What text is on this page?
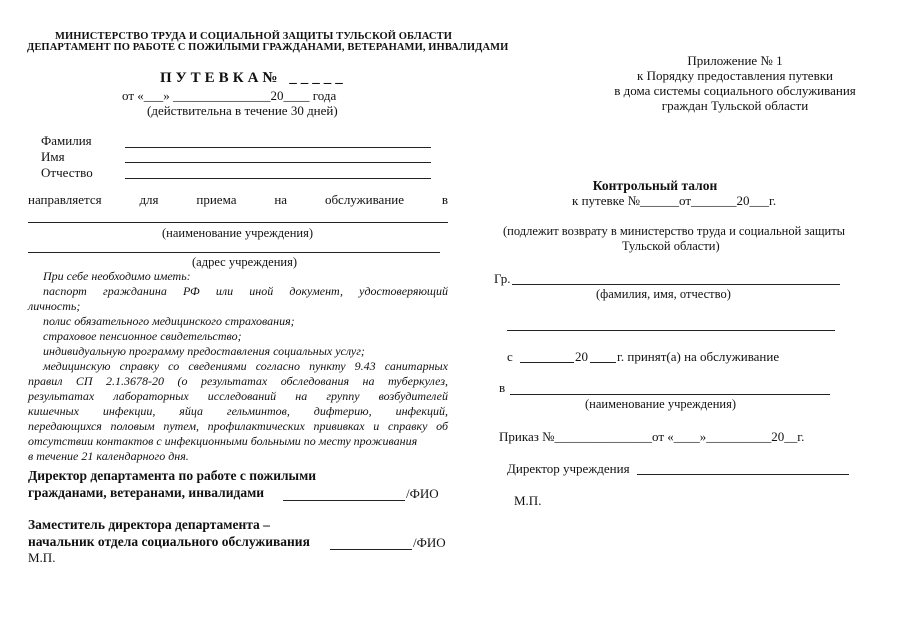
МИНИСТЕРСТВО ТРУДА И СОЦИАЛЬНОЙ ЗАЩИТЫ ТУЛЬСКОЙ ОБЛАСТИ
ДЕПАРТАМЕНТ ПО РАБОТЕ С ПОЖИЛЫМИ ГРАЖДАНАМИ, ВЕТЕРАНАМИ, ИНВАЛИДАМИ
ПУТЕВКА№ _____
от «___» _______________20____ года
(действительна в течение 30 дней)
Фамилия
Имя
Отчество
направляется	для	приема	на	обслуживание	в
(наименование учреждения)
(адрес учреждения)
При себе необходимо иметь:
паспорт гражданина РФ или иной документ, удостоверяющий
личность;
полис обязательного медицинского страхования;
страховое пенсионное свидетельство;
индивидуальную программу предоставления социальных услуг;
медицинскую справку со сведениями согласно пункту 9.43 санитарных
правил СП 2.1.3678-20 (о результатах обследования на туберкулез,
результатах лабораторных исследований на группу возбудителей
кишечных инфекции, яйца гельминтов, дифтерию, инфекций,
передающихся половым путем, профилактических прививках и справку об
отсутствии контактов с инфекционными больными по месту проживания
в течение 21 календарного дня.
Директор департамента по работе с пожилыми
гражданами, ветеранами, инвалидами	/ФИО
Заместитель директора департамента –
начальник отдела социального обслуживания	/ФИО
М.П.
Приложение № 1
к Порядку предоставления путевки
в дома системы социального обслуживания
граждан Тульской области
Контрольный талон
к путевке №______от_______20___г.
(подлежит возврату в министерство труда и социальной защиты
Тульской области)
Гр.
(фамилия, имя, отчество)
с	20 г. принят(а) на обслуживание
в
(наименование учреждения)
Приказ №_______________от «____»__________20__г.
Директор учреждения
М.П.
